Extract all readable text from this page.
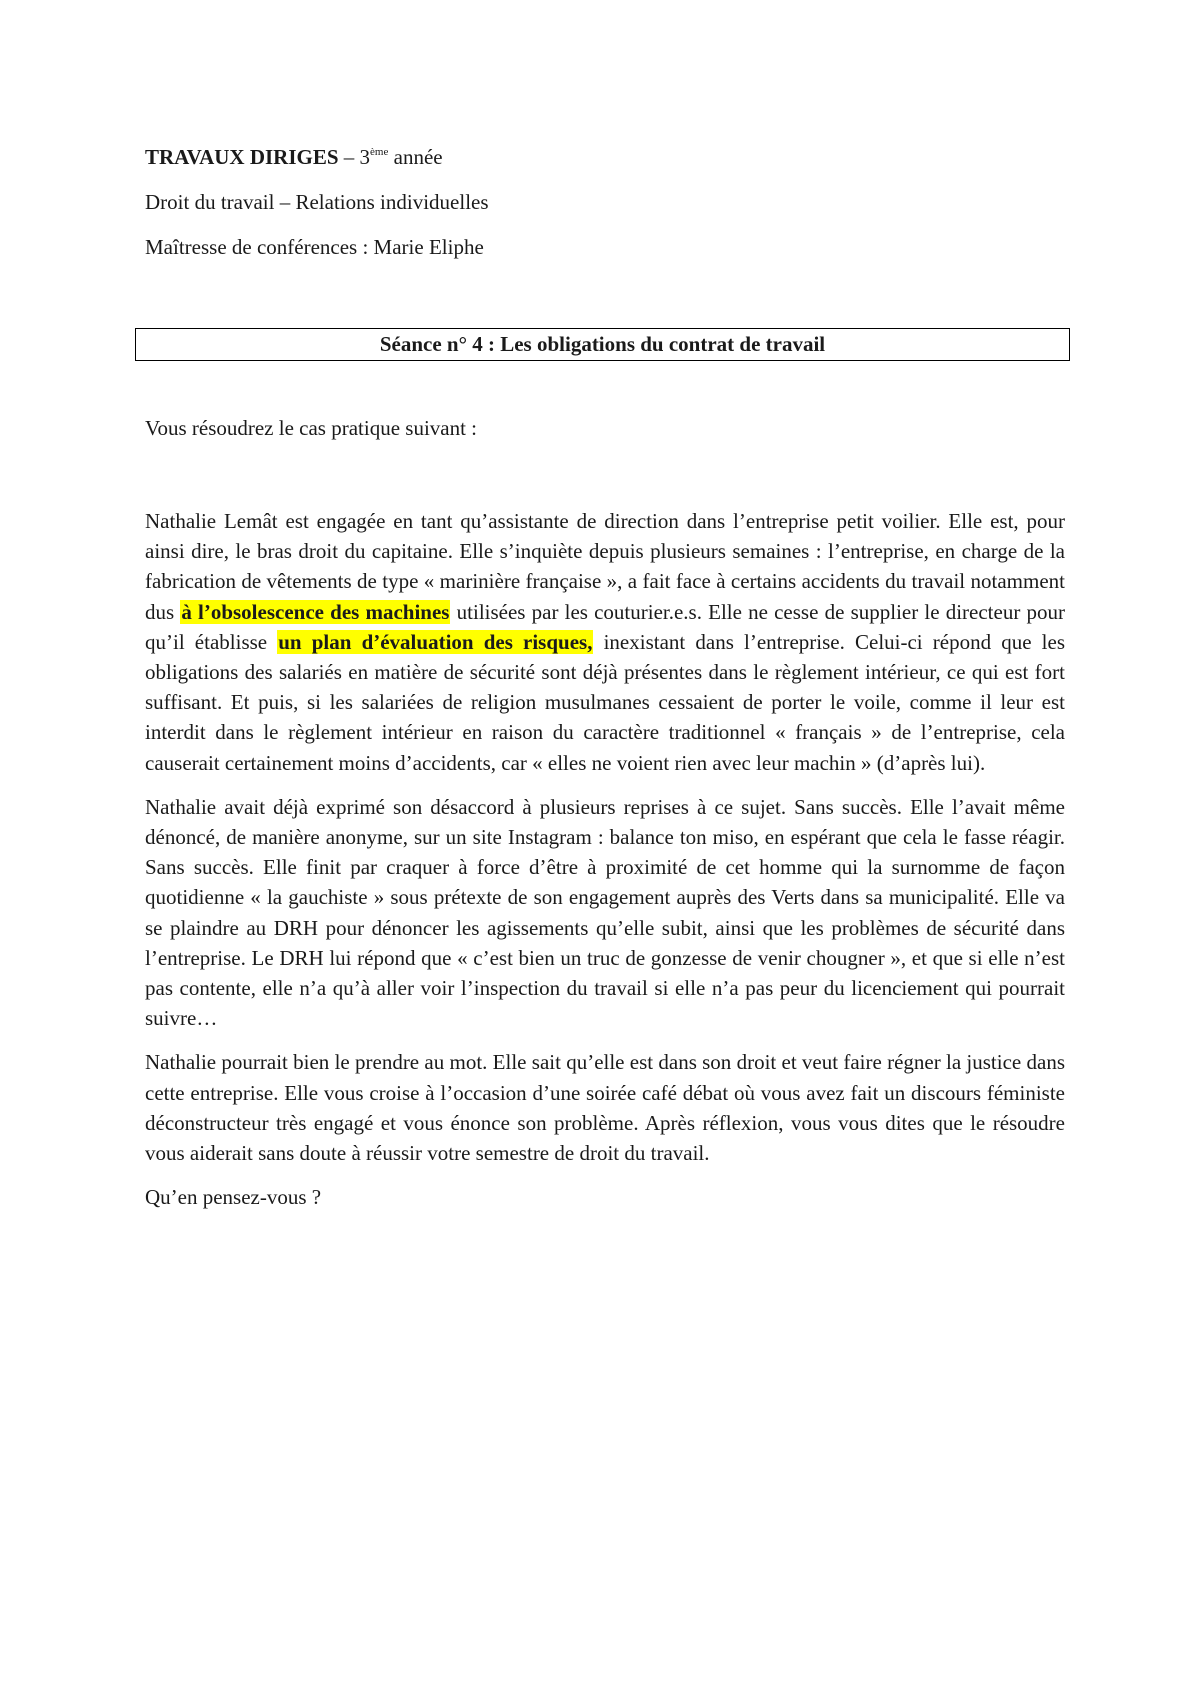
TRAVAUX DIRIGES – 3ème année

Droit du travail – Relations individuelles

Maîtresse de conférences : Marie Eliphe

Séance n° 4 : Les obligations du contrat de travail

Vous résoudrez le cas pratique suivant :

Nathalie Lemât est engagée en tant qu’assistante de direction dans l’entreprise petit voilier. Elle est, pour ainsi dire, le bras droit du capitaine. Elle s’inquiète depuis plusieurs semaines : l’entreprise, en charge de la fabrication de vêtements de type « marinière française », a fait face à certains accidents du travail notamment dus à l’obsolescence des machines utilisées par les couturier.e.s. Elle ne cesse de supplier le directeur pour qu’il établisse un plan d’évaluation des risques, inexistant dans l’entreprise. Celui-ci répond que les obligations des salariés en matière de sécurité sont déjà présentes dans le règlement intérieur, ce qui est fort suffisant. Et puis, si les salariées de religion musulmanes cessaient de porter le voile, comme il leur est interdit dans le règlement intérieur en raison du caractère traditionnel « français » de l’entreprise, cela causerait certainement moins d’accidents, car « elles ne voient rien avec leur machin » (d’après lui).

Nathalie avait déjà exprimé son désaccord à plusieurs reprises à ce sujet. Sans succès. Elle l’avait même dénoncé, de manière anonyme, sur un site Instagram : balance ton miso, en espérant que cela le fasse réagir. Sans succès. Elle finit par craquer à force d’être à proximité de cet homme qui la surnomme de façon quotidienne « la gauchiste » sous prétexte de son engagement auprès des Verts dans sa municipalité. Elle va se plaindre au DRH pour dénoncer les agissements qu’elle subit, ainsi que les problèmes de sécurité dans l’entreprise. Le DRH lui répond que « c’est bien un truc de gonzesse de venir chougner », et que si elle n’est pas contente, elle n’a qu’à aller voir l’inspection du travail si elle n’a pas peur du licenciement qui pourrait suivre…

Nathalie pourrait bien le prendre au mot. Elle sait qu’elle est dans son droit et veut faire régner la justice dans cette entreprise. Elle vous croise à l’occasion d’une soirée café débat où vous avez fait un discours féministe déconstructeur très engagé et vous énonce son problème. Après réflexion, vous vous dites que le résoudre vous aiderait sans doute à réussir votre semestre de droit du travail.

Qu’en pensez-vous ?
